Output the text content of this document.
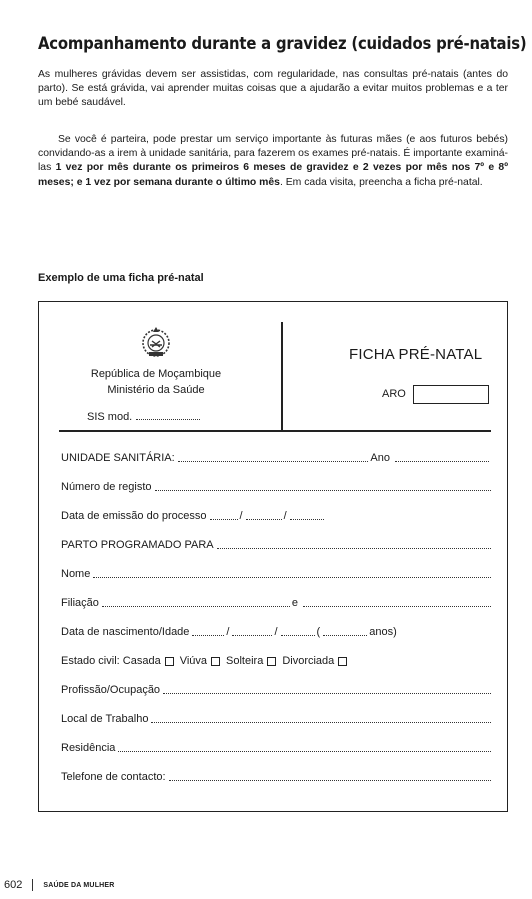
Acompanhamento durante a gravidez (cuidados pré-natais)

As mulheres grávidas devem ser assistidas, com regularidade, nas consultas pré-natais (antes do parto). Se está grávida, vai aprender muitas coisas que a ajudarão a evitar muitos problemas e a ter um bebé saudável.

Se você é parteira, pode prestar um serviço importante às futuras mães (e aos futuros bebés) convidando-as a irem à unidade sanitária, para fazerem os exames pré-natais. É importante examiná-las 1 vez por mês durante os primeiros 6 meses de gravidez e 2 vezes por mês nos 7º e 8º meses; e 1 vez por semana durante o último mês. Em cada visita, preencha a ficha pré-natal.

Exemplo de uma ficha pré-natal
República de Moçambique
Ministério da Saúde
SIS mod.
FICHA PRÉ-NATAL
ARO
UNIDADE SANITÁRIA:	Ano
Número de registo
Data de emissão do processo	/	/
PARTO PROGRAMADO PARA
Nome
Filiação	e
Data de nascimento/Idade	/	/	(	anos)
Estado civil:
Casada Viúva Solteira Divorciada
Profissão/Ocupação
Local de Trabalho
Residência
Telefone de contacto:
602	SAÚDE DA MULHER
